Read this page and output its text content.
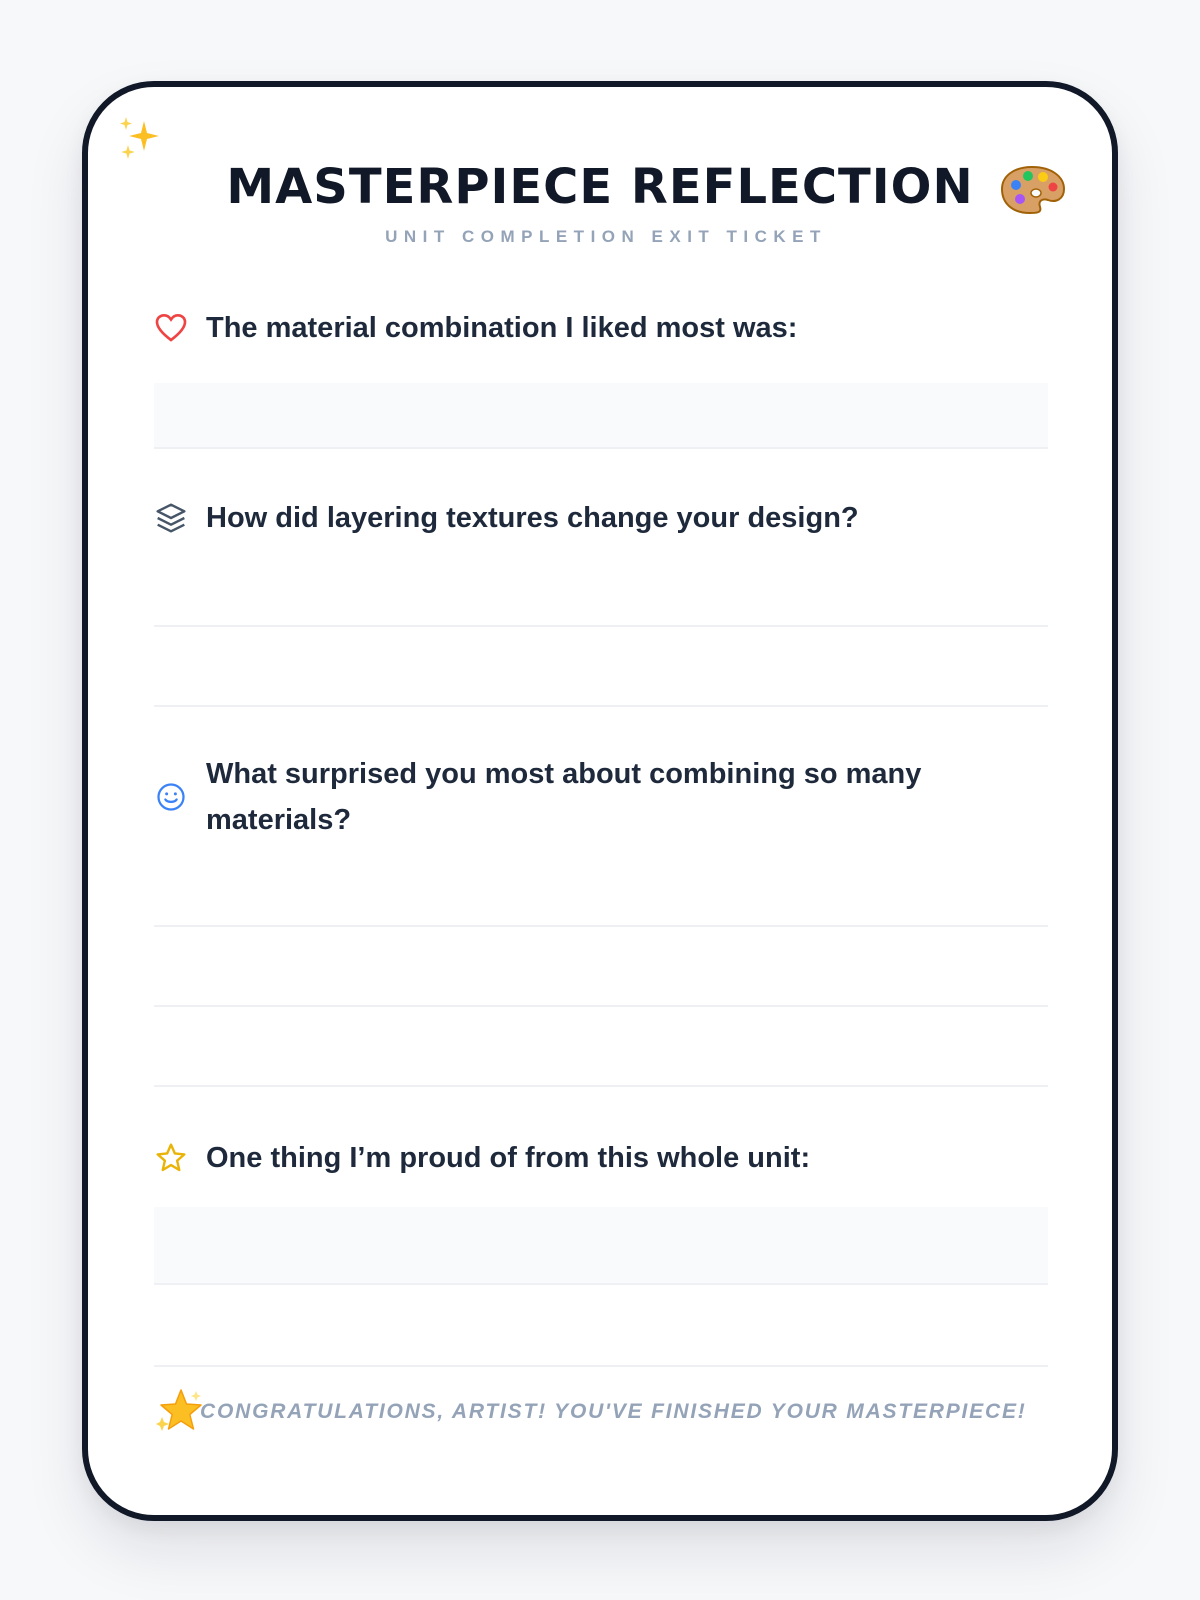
MASTERPIECE REFLECTION
UNIT COMPLETION EXIT TICKET
The material combination I liked most was:
How did layering textures change your design?
What surprised you most about combining so many materials?
One thing I’m proud of from this whole unit:
CONGRATULATIONS, ARTIST! YOU'VE FINISHED YOUR MASTERPIECE!
